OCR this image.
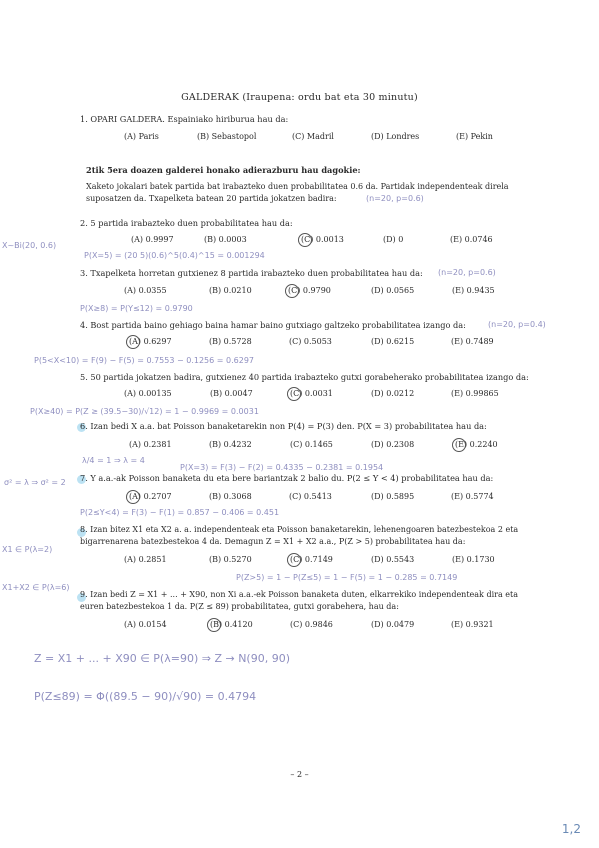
GALDERAK (Iraupena: ordu bat eta 30 minutu)
1. OPARI GALDERA. Espainiako hiriburua hau da:
(A) Paris	(B) Sebastopol	(C) Madril	(D) Londres	(E) Pekin
2tik 5era doazen galderei honako adierazburu hau dagokie:
Xaketo jokalari batek partida bat irabazteko duen probabilitatea 0.6 da. Partidak independenteak direla suposatzen da. Txapelketa batean 20 partida jokatzen badira:	(n=20, p=0.6)
2. 5 partida irabazteko duen probabilitatea hau da:
X~Bi(20, 0.6)
(A) 0.9997	(B) 0.0003	(C) 0.0013	(D) 0	(E) 0.0746
P(X=5) = (20 5)(0.6)^5(0.4)^15 = 0.001294
3. Txapelketa horretan gutxienez 8 partida irabazteko duen probabilitatea hau da: (n=20, p=0.6)
(A) 0.0355	(B) 0.0210	(C) 0.9790	(D) 0.0565	(E) 0.9435
P(X≥8) = P(Y≤12) = 0.9790
4. Bost partida baino gehiago baina hamar baino gutxiago galtzeko probabilitatea izango da:	(n=20, p=0.4)
(A) 0.6297	(B) 0.5728	(C) 0.5053	(D) 0.6215	(E) 0.7489
P(5<X<10) = F(9) − F(5) = 0.7553 − 0.1256 = 0.6297
5. 50 partida jokatzen badira, gutxienez 40 partida irabazteko gutxi gorabeherako probabilitatea izango da:
(A) 0.00135	(B) 0.0047	(C) 0.0031	(D) 0.0212	(E) 0.99865
P(X≥40) = P(Z ≥ (39.5−30)/√12) = 1 − 0.9969 = 0.0031
6. Izan bedi X a.a. bat Poisson banaketarekin non P(4) = P(3) den. P(X = 3) probabilitatea hau da:
(A) 0.2381	(B) 0.4232	(C) 0.1465	(D) 0.2308	(E) 0.2240
λ/4 = 1 ⇒ λ = 4
P(X=3) = F(3) − F(2) = 0.4335 − 0.2381 = 0.1954
7. Y a.a.-ak Poisson banaketa du eta bere bariantzak 2 balio du. P(2 ≤ Y < 4) probabilitatea hau da:
σ² = λ ⇒ σ² = 2
(A) 0.2707	(B) 0.3068	(C) 0.5413	(D) 0.5895	(E) 0.5774
P(2≤Y<4) = F(3) − F(1) = 0.857 − 0.406 = 0.451
8. Izan bitez X1 eta X2 a. a. independenteak eta Poisson banaketarekin, lehenengoaren batezbestekoa 2 eta bigarrenarena batezbestekoa 4 da. Demagun Z = X1 + X2 a.a., P(Z > 5) probabilitatea hau da:
X1 ∈ P(λ=2)
X1+X2 ∈ P(λ=6)
(A) 0.2851	(B) 0.5270	(C) 0.7149	(D) 0.5543	(E) 0.1730
P(Z>5) = 1 − P(Z≤5) = 1 − F(5) = 1 − 0.285 = 0.7149
9. Izan bedi Z = X1 + ... + X90, non Xi a.a.-ek Poisson banaketa duten, elkarrekiko independenteak dira eta euren batezbestekoa 1 da. P(Z ≤ 89) probabilitatea, gutxi gorabehera, hau da:
(A) 0.0154	(B) 0.4120	(C) 0.9846	(D) 0.0479	(E) 0.9321
Z = X1 + ... + X90 ∈ P(λ=90) ⇒ Z → N(90, 90)
P(Z≤89) = Φ((89.5 − 90)/√90) = 0.4794
– 2 –
1,2
